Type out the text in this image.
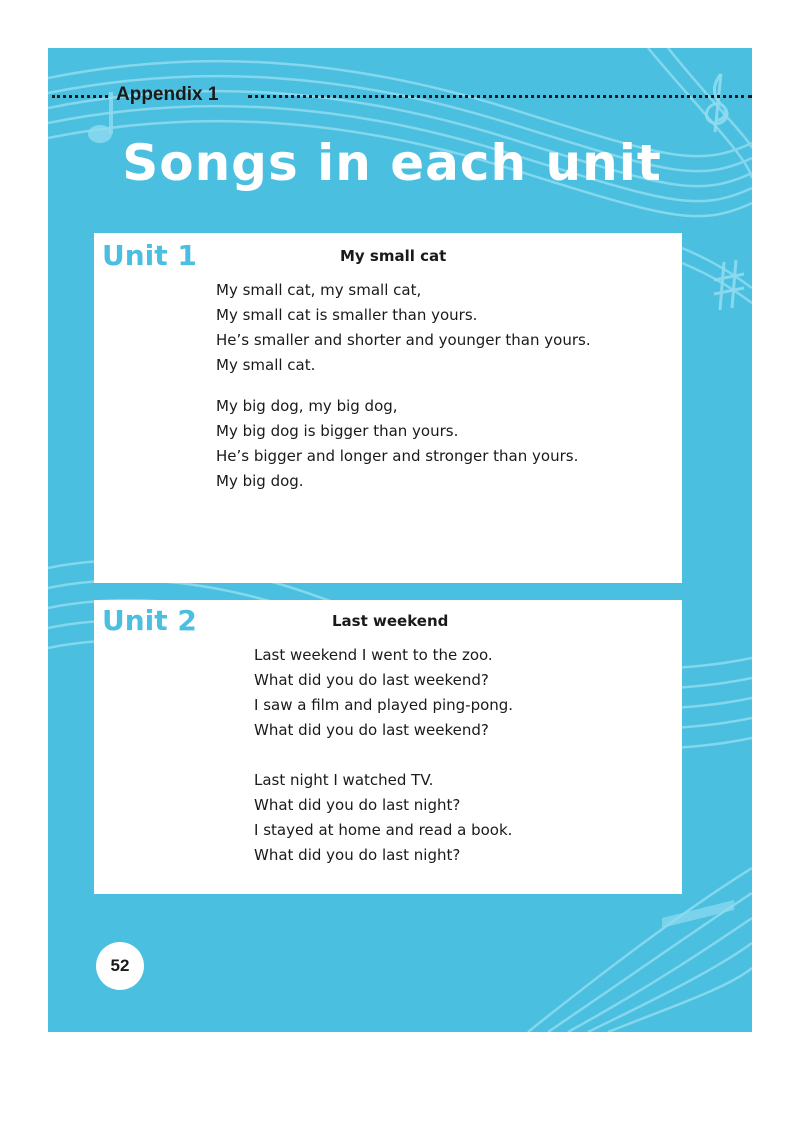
Appendix 1
Songs in each unit
Unit 1	My small cat
My small cat, my small cat,
My small cat is smaller than yours.
He’s smaller and shorter and younger than yours.
My small cat.
My big dog, my big dog,
My big dog is bigger than yours.
He’s bigger and longer and stronger than yours.
My big dog.
Unit 2	Last weekend
Last weekend I went to the zoo.
What did you do last weekend?
I saw a film and played ping-pong.
What did you do last weekend?
Last night I watched TV.
What did you do last night?
I stayed at home and read a book.
What did you do last night?
52
